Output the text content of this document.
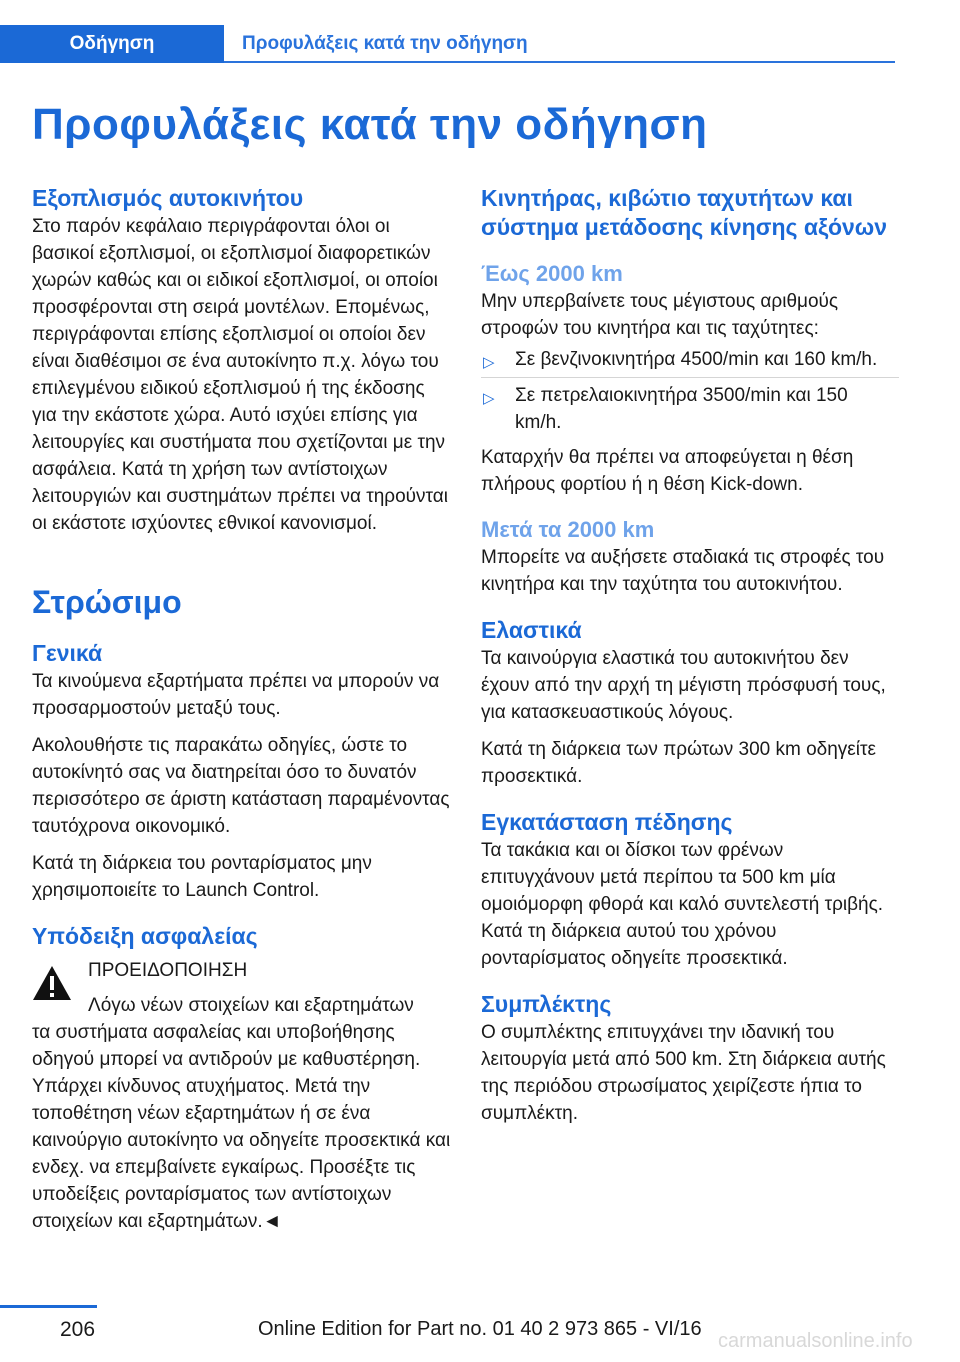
Οδήγηση	Προφυλάξεις κατά την οδήγηση
Προφυλάξεις κατά την οδήγηση
Εξοπλισμός αυτοκινήτου

Στο παρόν κεφάλαιο περιγράφονται όλοι οι βασικοί εξοπλισμοί, οι εξοπλισμοί διαφορετικών χωρών καθώς και οι ειδικοί εξοπλισμοί, οι οποίοι προσφέρονται στη σειρά μοντέλων. Επομένως, περιγράφονται επίσης εξοπλισμοί οι οποίοι δεν είναι διαθέσιμοι σε ένα αυτοκίνητο π.χ. λόγω του επιλεγμένου ειδικού εξοπλισμού ή της έκδοσης για την εκάστοτε χώρα. Αυτό ισχύει επίσης για λειτουργίες και συστήματα που σχετίζονται με την ασφάλεια. Κατά τη χρήση των αντίστοιχων λειτουργιών και συστημάτων πρέπει να τηρούνται οι εκάστοτε ισχύοντες εθνικοί κανονισμοί.

Στρώσιμο
Γενικά

Τα κινούμενα εξαρτήματα πρέπει να μπορούν να προσαρμοστούν μεταξύ τους.

Ακολουθήστε τις παρακάτω οδηγίες, ώστε το αυτοκίνητό σας να διατηρείται όσο το δυνατόν περισσότερο σε άριστη κατάσταση παραμένοντας ταυτόχρονα οικονομικό.

Κατά τη διάρκεια του ρονταρίσματος μην χρησιμοποιείτε το Launch Control.

Υπόδειξη ασφαλείας
ΠΡΟΕΙΔΟΠΟΙΗΣΗ

Λόγω νέων στοιχείων και εξαρτημάτων

τα συστήματα ασφαλείας και υποβοήθησης οδηγού μπορεί να αντιδρούν με καθυστέρηση. Υπάρχει κίνδυνος ατυχήματος. Μετά την τοποθέτηση νέων εξαρτημάτων ή σε ένα καινούργιο αυτοκίνητο να οδηγείτε προσεκτικά και ενδεχ. να επεμβαίνετε εγκαίρως. Προσέξτε τις υποδείξεις ρονταρίσματος των αντίστοιχων στοιχείων και εξαρτημάτων.◄

Κινητήρας, κιβώτιο ταχυτήτων και σύστημα μετάδοσης κίνησης αξόνων
Έως 2000 km

Μην υπερβαίνετε τους μέγιστους αριθμούς στροφών του κινητήρα και τις ταχύτητες:

▷ Σε βενζινοκινητήρα 4500/min και 160 km/h.
▷ Σε πετρελαιοκινητήρα 3500/min και 150 km/h.

Καταρχήν θα πρέπει να αποφεύγεται η θέση πλήρους φορτίου ή η θέση Kick-down.

Μετά τα 2000 km

Μπορείτε να αυξήσετε σταδιακά τις στροφές του κινητήρα και την ταχύτητα του αυτοκινήτου.

Ελαστικά

Τα καινούργια ελαστικά του αυτοκινήτου δεν έχουν από την αρχή τη μέγιστη πρόσφυσή τους, για κατασκευαστικούς λόγους.

Κατά τη διάρκεια των πρώτων 300 km οδηγείτε προσεκτικά.

Εγκατάσταση πέδησης

Τα τακάκια και οι δίσκοι των φρένων επιτυγχάνουν μετά περίπου τα 500 km μία ομοιόμορφη φθορά και καλό συντελεστή τριβής. Κατά τη διάρκεια αυτού του χρόνου ρονταρίσματος οδηγείτε προσεκτικά.

Συμπλέκτης

Ο συμπλέκτης επιτυγχάνει την ιδανική του λειτουργία μετά από 500 km. Στη διάρκεια αυτής της περιόδου στρωσίματος χειρίζεστε ήπια το συμπλέκτη.

206	Online Edition for Part no. 01 40 2 973 865 - VI/16
carmanualsonline.info
